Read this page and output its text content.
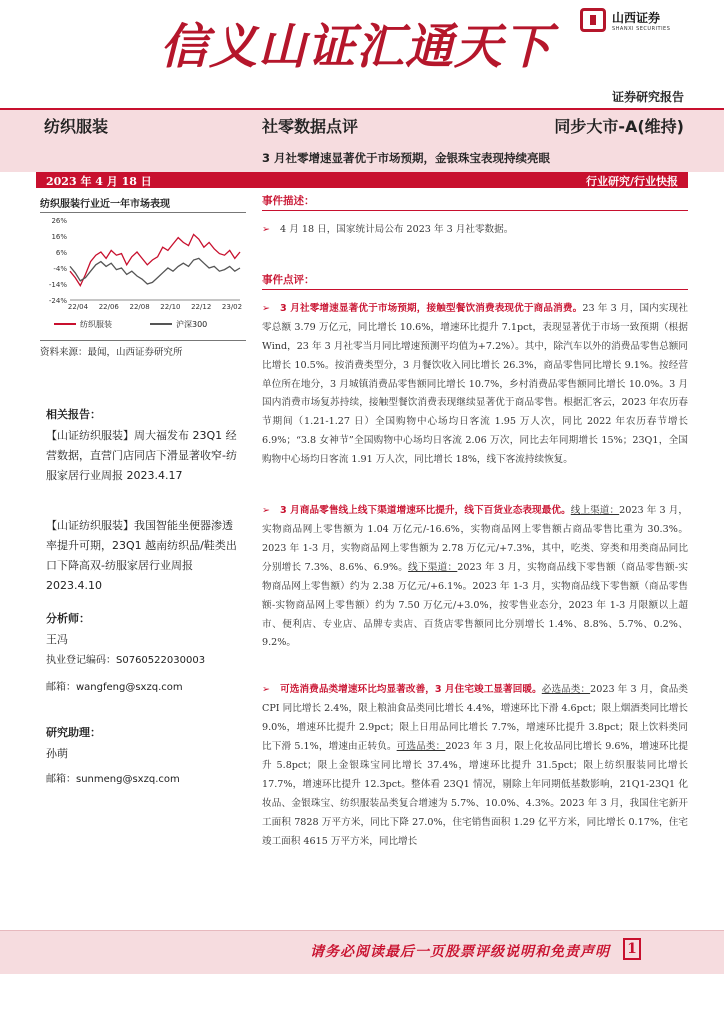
信义山证汇通天下
山西证券
SHANXI SECURITIES
证券研究报告
纺织服装	社零数据点评	同步大市-A(维持)
3 月社零增速显著优于市场预期，金银珠宝表现持续亮眼
2023 年 4 月 18 日	行业研究/行业快报
纺织服装行业近一年市场表现
26%
16%
6%
-4%
-14%
-24%
22/04 22/06 22/08 22/10 22/12 23/02
纺织服装	沪深300
资料来源：最闻，山西证券研究所
相关报告：
【山证纺织服装】周大福发布 23Q1 经营数据，直营门店同店下滑显著收窄-纺服家居行业周报 2023.4.17
【山证纺织服装】我国智能坐便器渗透率提升可期，23Q1 越南纺织品/鞋类出口下降高双-纺服家居行业周报 2023.4.10
分析师：
王冯
执业登记编码：S0760522030003
邮箱：wangfeng@sxzq.com
研究助理：
孙萌
邮箱：sunmeng@sxzq.com
事件描述：

➢ 4 月 18 日，国家统计局公布 2023 年 3 月社零数据。

事件点评：

➢ 3 月社零增速显著优于市场预期，接触型餐饮消费表现优于商品消费。23 年 3 月，国内实现社零总额 3.79 万亿元，同比增长 10.6%，增速环比提升 7.1pct，表现显著优于市场一致预期（根据 Wind，23 年 3 月社零当月同比增速预测平均值为+7.2%）。其中，除汽车以外的消费品零售总额同比增长 10.5%。按消费类型分，3 月餐饮收入同比增长 26.3%，商品零售同比增长 9.1%。按经营单位所在地分，3 月城镇消费品零售额同比增长 10.7%，乡村消费品零售额同比增长 10.0%。3 月国内消费市场复苏持续，接触型餐饮消费表现继续显著优于商品零售。根据汇客云，2023 年农历春节期间（1.21-1.27 日）全国购物中心场均日客流 1.95 万人次，同比 2022 年农历春节增长 6.9%；“3.8 女神节”全国购物中心场均日客流 2.06 万次，同比去年同期增长 15%；23Q1，全国购物中心场均日客流 1.91 万人次，同比增长 18%，线下客流持续恢复。

➢ 3 月商品零售线上线下渠道增速环比提升，线下百货业态表现最优。线上渠道：2023 年 3 月，实物商品网上零售额为 1.04 万亿元/-16.6%，实物商品网上零售额占商品零售比重为 30.3%。2023 年 1-3 月，实物商品网上零售额为 2.78 万亿元/+7.3%，其中，吃类、穿类和用类商品同比分别增长 7.3%、8.6%、6.9%。线下渠道：2023 年 3 月，实物商品线下零售额（商品零售额-实物商品网上零售额）约为 2.38 万亿元/+6.1%。2023 年 1-3 月，实物商品线下零售额（商品零售额-实物商品网上零售额）约为 7.50 万亿元/+3.0%，按零售业态分，2023 年 1-3 月限额以上超市、便利店、专业店、品牌专卖店、百货店零售额同比分别增长 1.4%、8.8%、5.7%、0.2%、9.2%。

➢ 可选消费品类增速环比均显著改善，3 月住宅竣工显著回暖。必选品类：2023 年 3 月，食品类 CPI 同比增长 2.4%，限上粮油食品类同比增长 4.4%，增速环比下滑 4.6pct；限上烟酒类同比增长 9.0%，增速环比提升 2.9pct；限上日用品同比增长 7.7%，增速环比提升 3.8pct；限上饮料类同比下滑 5.1%，增速由正转负。可选品类：2023 年 3 月，限上化妆品同比增长 9.6%，增速环比提升 5.8pct；限上金银珠宝同比增长 37.4%，增速环比提升 31.5pct；限上纺织服装同比增长 17.7%，增速环比提升 12.3pct。整体看 23Q1 情况，剔除上年同期低基数影响，21Q1-23Q1 化妆品、金银珠宝、纺织服装品类复合增速为 5.7%、10.0%、4.3%。2023 年 3 月，我国住宅新开工面积 7828 万平方米，同比下降 27.0%，住宅销售面积 1.29 亿平方米，同比增长 0.17%，住宅竣工面积 4615 万平方米，同比增长

请务必阅读最后一页股票评级说明和免责声明 1
